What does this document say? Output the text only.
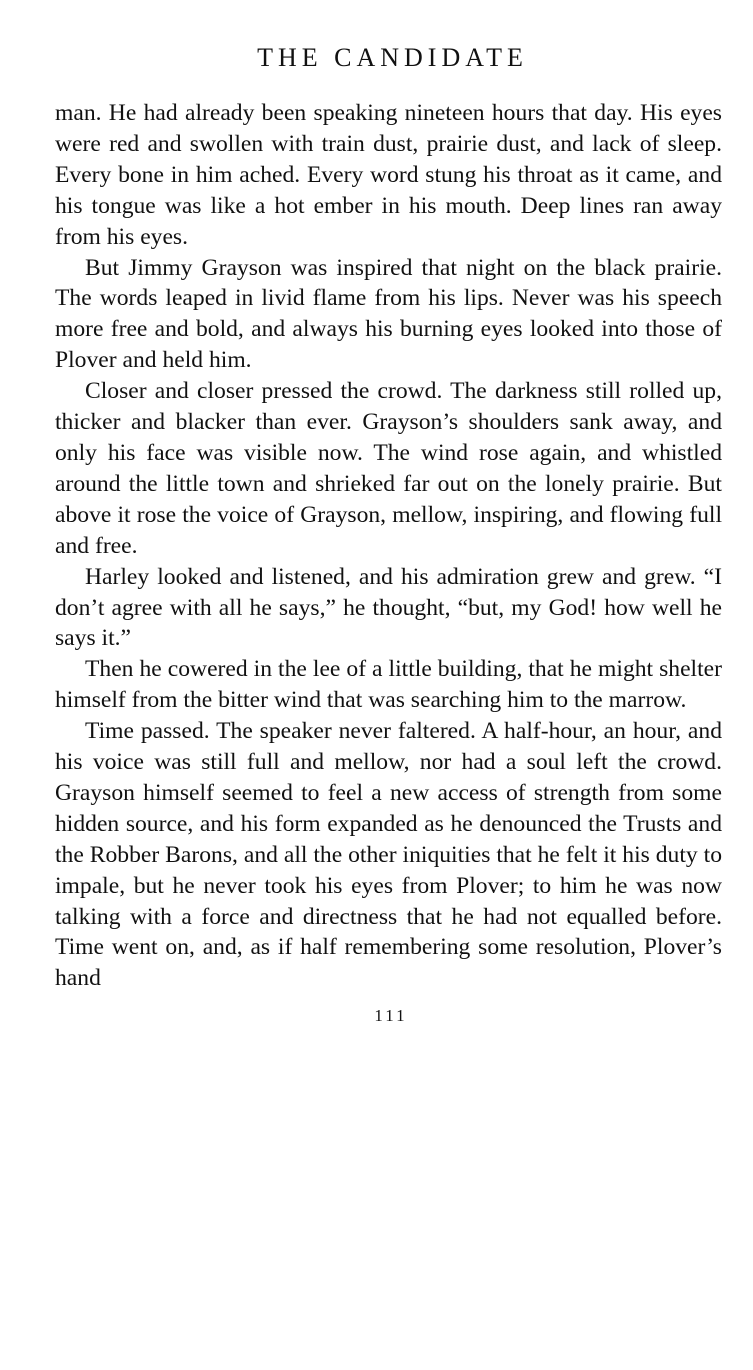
THE CANDIDATE

man. He had already been speaking nineteen hours that day. His eyes were red and swollen with train dust, prairie dust, and lack of sleep. Every bone in him ached. Every word stung his throat as it came, and his tongue was like a hot ember in his mouth. Deep lines ran away from his eyes.

But Jimmy Grayson was inspired that night on the black prairie. The words leaped in livid flame from his lips. Never was his speech more free and bold, and always his burning eyes looked into those of Plover and held him.

Closer and closer pressed the crowd. The darkness still rolled up, thicker and blacker than ever. Grayson’s shoulders sank away, and only his face was visible now. The wind rose again, and whistled around the little town and shrieked far out on the lonely prairie. But above it rose the voice of Grayson, mellow, inspiring, and flowing full and free.

Harley looked and listened, and his admiration grew and grew. “I don’t agree with all he says,” he thought, “but, my God! how well he says it.”

Then he cowered in the lee of a little building, that he might shelter himself from the bitter wind that was searching him to the marrow.

Time passed. The speaker never faltered. A half-hour, an hour, and his voice was still full and mellow, nor had a soul left the crowd. Grayson himself seemed to feel a new access of strength from some hidden source, and his form expanded as he denounced the Trusts and the Robber Barons, and all the other iniquities that he felt it his duty to impale, but he never took his eyes from Plover; to him he was now talking with a force and directness that he had not equalled before. Time went on, and, as if half remembering some resolution, Plover’s hand

111
